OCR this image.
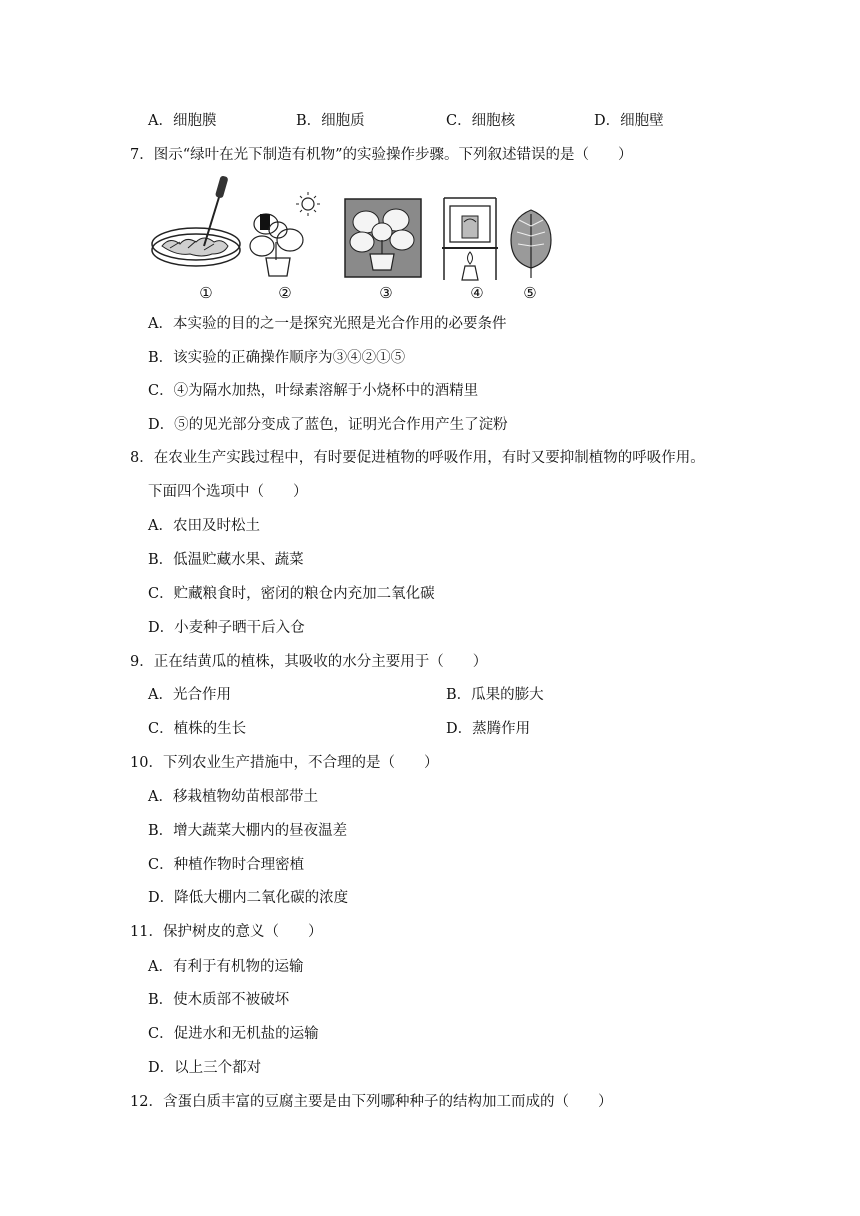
A．细胞膜	B．细胞质	C．细胞核	D．细胞壁
7．图示“绿叶在光下制造有机物”的实验操作步骤。下列叙述错误的是（　　）
①	②	③	④	⑤
A．本实验的目的之一是探究光照是光合作用的必要条件
B．该实验的正确操作顺序为③④②①⑤
C．④为隔水加热，叶绿素溶解于小烧杯中的酒精里
D．⑤的见光部分变成了蓝色，证明光合作用产生了淀粉
8．在农业生产实践过程中，有时要促进植物的呼吸作用，有时又要抑制植物的呼吸作用。
下面四个选项中（　　）
A．农田及时松土
B．低温贮藏水果、蔬菜
C．贮藏粮食时，密闭的粮仓内充加二氧化碳
D．小麦种子晒干后入仓
9．正在结黄瓜的植株，其吸收的水分主要用于（　　）
A．光合作用	B．瓜果的膨大
C．植株的生长	D．蒸腾作用
10．下列农业生产措施中，不合理的是（　　）
A．移栽植物幼苗根部带土
B．增大蔬菜大棚内的昼夜温差
C．种植作物时合理密植
D．降低大棚内二氧化碳的浓度
11．保护树皮的意义（　　）
A．有利于有机物的运输
B．使木质部不被破坏
C．促进水和无机盐的运输
D．以上三个都对
12．含蛋白质丰富的豆腐主要是由下列哪种种子的结构加工而成的（　　）
